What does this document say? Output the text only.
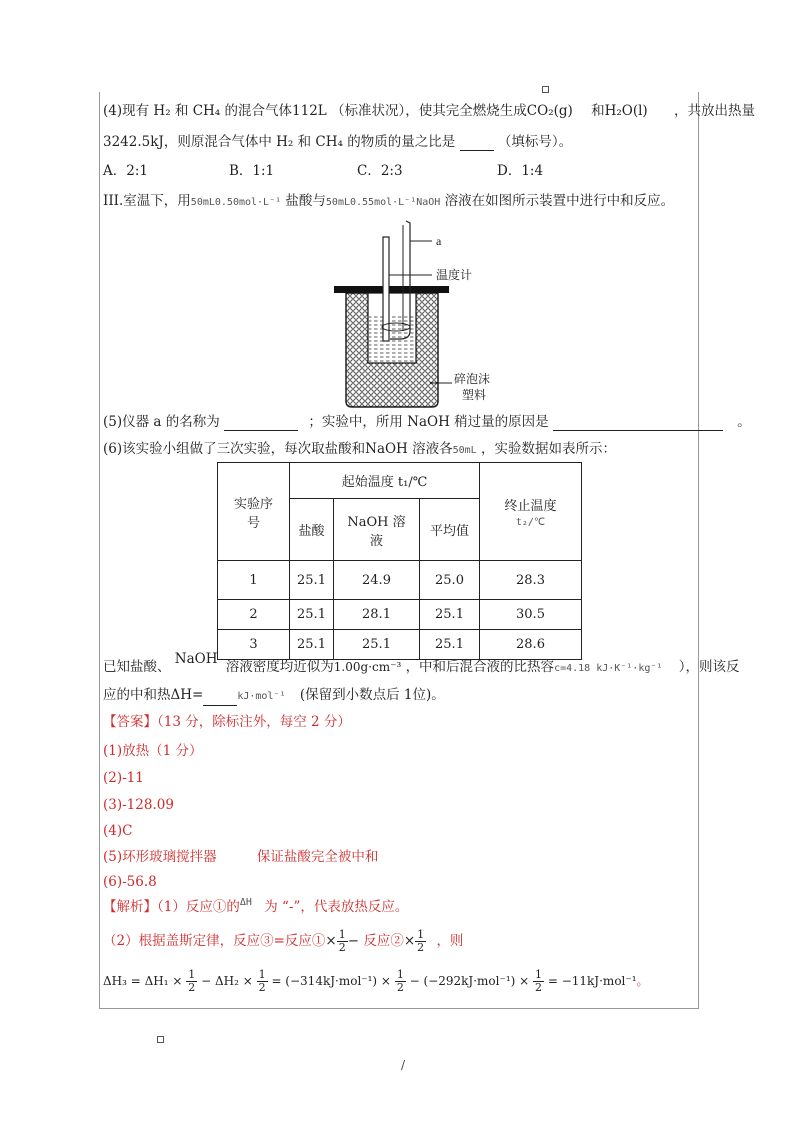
(4)现有 H₂ 和 CH₄ 的混合气体112L （标准状况），使其完全燃烧生成CO₂(g) 和H₂O(l) ，共放出热量
3242.5kJ，则原混合气体中 H₂ 和 CH₄ 的物质的量之比是	（填标号）。
A．2:1	B．1:1	C．2:3	D．1:4
III.室温下，用50mL0.50mol·L⁻¹ 盐酸与50mL0.55mol·L⁻¹NaOH 溶液在如图所示装置中进行中和反应。
a
温度计
碎泡沫
塑料
(5)仪器 a 的名称为	；实验中，所用 NaOH 稍过量的原因是	。
(6)该实验小组做了三次实验，每次取盐酸和NaOH 溶液各50mL ，实验数据如表所示：
实验序
号	起始温度 t₁/℃			终止温度
t₂/℃
	盐酸	NaOH 溶
液	平均值	
1	25.1	24.9	25.0	28.3
2	25.1	28.1	25.1	30.5
3	25.1	25.1	25.1	28.6
已知盐酸、 NaOH 溶液密度均近似为1.00g·cm⁻³ ，中和后混合液的比热容c=4.18 kJ·K⁻¹·kg⁻¹ ），则该反
应的中和热ΔH=	kJ·mol⁻¹ (保留到小数点后 1位)。
【答案】（13 分，除标注外，每空 2 分）
(1)放热（1 分）
(2)-11
(3)-128.09
(4)C
(5)环形玻璃搅拌器	保证盐酸完全被中和
(6)-56.8
【解析】（1）反应①的$^{\Delta H}$ 为 “-”，代表放热反应。
（2）根据盖斯定律，反应③=反应①× $\frac{1}{2}$ − 反应②× $\frac{1}{2}$ ，则
$\Delta H_3 = \Delta H_1 \times \frac{1}{2} - \Delta H_2 \times \frac{1}{2} = (-314kJ\cdot mol^{-1}) \times \frac{1}{2} - (-292kJ\cdot mol^{-1}) \times \frac{1}{2} = -11kJ\cdot mol^{-1}$。
/
